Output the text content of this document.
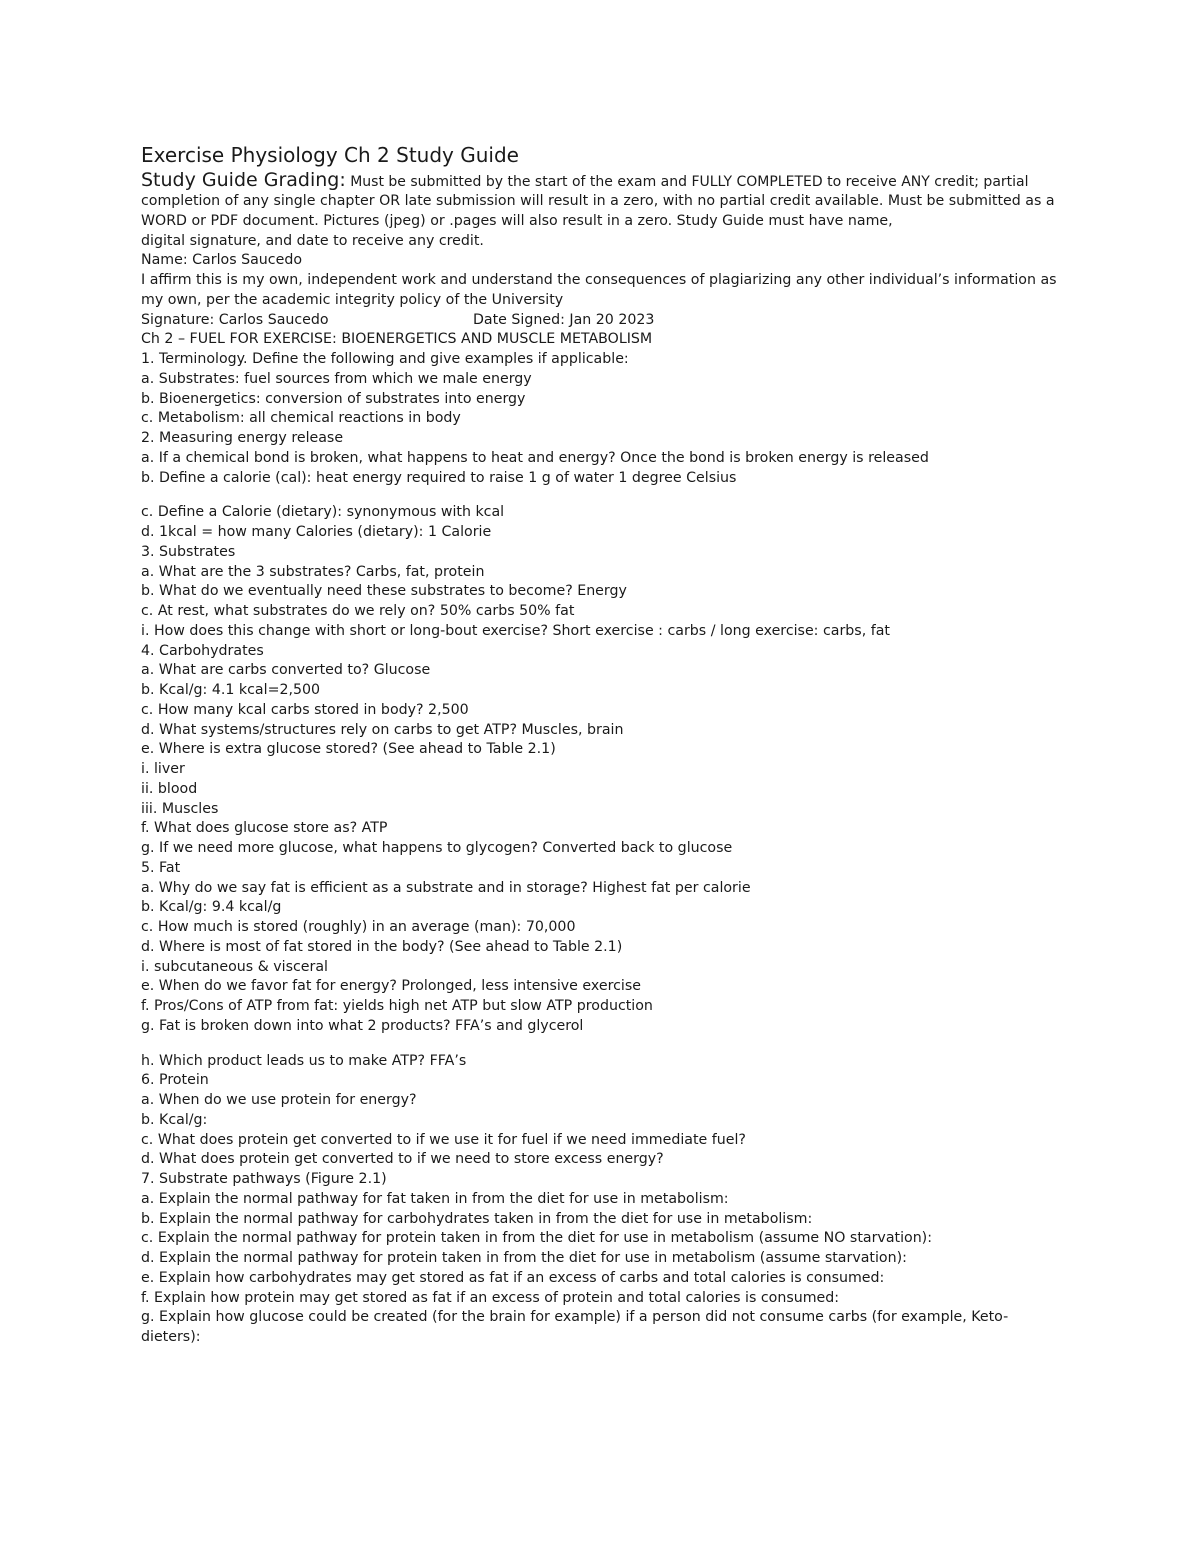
Exercise Physiology Ch 2 Study Guide
Study Guide Grading: Must be submitted by the start of the exam and FULLY COMPLETED to receive ANY credit; partial
completion of any single chapter OR late submission will result in a zero, with no partial credit available. Must be submitted as a WORD or PDF document. Pictures (jpeg) or .pages will also result in a zero. Study Guide must have name,
digital signature, and date to receive any credit.
Name: Carlos Saucedo
I affirm this is my own, independent work and understand the consequences of plagiarizing any other individual’s information as my own, per the academic integrity policy of the University
Signature: Carlos Saucedo	Date Signed: Jan 20 2023
Ch 2 – FUEL FOR EXERCISE: BIOENERGETICS AND MUSCLE METABOLISM
1. Terminology. Define the following and give examples if applicable:
a. Substrates: fuel sources from which we male energy
b. Bioenergetics: conversion of substrates into energy
c. Metabolism: all chemical reactions in body
2. Measuring energy release
a. If a chemical bond is broken, what happens to heat and energy? Once the bond is broken energy is released
b. Define a calorie (cal): heat energy required to raise 1 g of water 1 degree Celsius
c. Define a Calorie (dietary): synonymous with kcal
d. 1kcal = how many Calories (dietary): 1 Calorie
3. Substrates
a. What are the 3 substrates? Carbs, fat, protein
b. What do we eventually need these substrates to become? Energy
c. At rest, what substrates do we rely on? 50% carbs 50% fat
i. How does this change with short or long-bout exercise? Short exercise : carbs / long exercise: carbs, fat
4. Carbohydrates
a. What are carbs converted to? Glucose
b. Kcal/g: 4.1 kcal=2,500
c. How many kcal carbs stored in body? 2,500
d. What systems/structures rely on carbs to get ATP? Muscles, brain
e. Where is extra glucose stored? (See ahead to Table 2.1)
i. liver
ii. blood
iii. Muscles
f. What does glucose store as? ATP
g. If we need more glucose, what happens to glycogen? Converted back to glucose
5. Fat
a. Why do we say fat is efficient as a substrate and in storage? Highest fat per calorie
b. Kcal/g: 9.4 kcal/g
c. How much is stored (roughly) in an average (man): 70,000
d. Where is most of fat stored in the body? (See ahead to Table 2.1)
i. subcutaneous & visceral
e. When do we favor fat for energy? Prolonged, less intensive exercise
f. Pros/Cons of ATP from fat: yields high net ATP but slow ATP production
g. Fat is broken down into what 2 products? FFA’s and glycerol
h. Which product leads us to make ATP? FFA’s
6. Protein
a. When do we use protein for energy?
b. Kcal/g:
c. What does protein get converted to if we use it for fuel if we need immediate fuel?
d. What does protein get converted to if we need to store excess energy?
7. Substrate pathways (Figure 2.1)
a. Explain the normal pathway for fat taken in from the diet for use in metabolism:
b. Explain the normal pathway for carbohydrates taken in from the diet for use in metabolism:
c. Explain the normal pathway for protein taken in from the diet for use in metabolism (assume NO starvation):
d. Explain the normal pathway for protein taken in from the diet for use in metabolism (assume starvation):
e. Explain how carbohydrates may get stored as fat if an excess of carbs and total calories is consumed:
f. Explain how protein may get stored as fat if an excess of protein and total calories is consumed:
g. Explain how glucose could be created (for the brain for example) if a person did not consume carbs (for example, Keto-dieters):
